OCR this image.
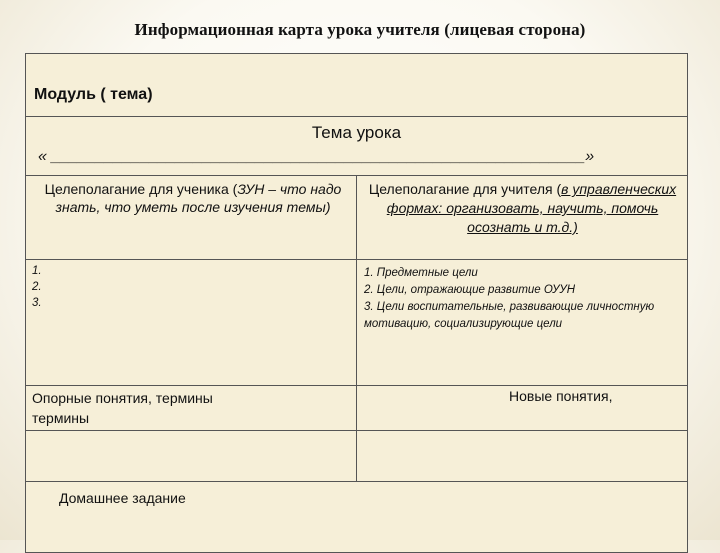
Информационная карта урока учителя (лицевая сторона)
Модуль ( тема)
Тема урока
« ____________________________________________________________»
Целеполагание для ученика (ЗУН – что надо знать, что уметь после изучения темы)
Целеполагание для учителя (в управленческих формах: организовать, научить, помочь осознать и т.д.)
1.
2.
3.
1. Предметные цели
2. Цели, отражающие развитие ОУУН
3. Цели воспитательные, развивающие личностную мотивацию, социализирующие цели
Опорные понятия, термины термины
Новые понятия,
Домашнее задание
